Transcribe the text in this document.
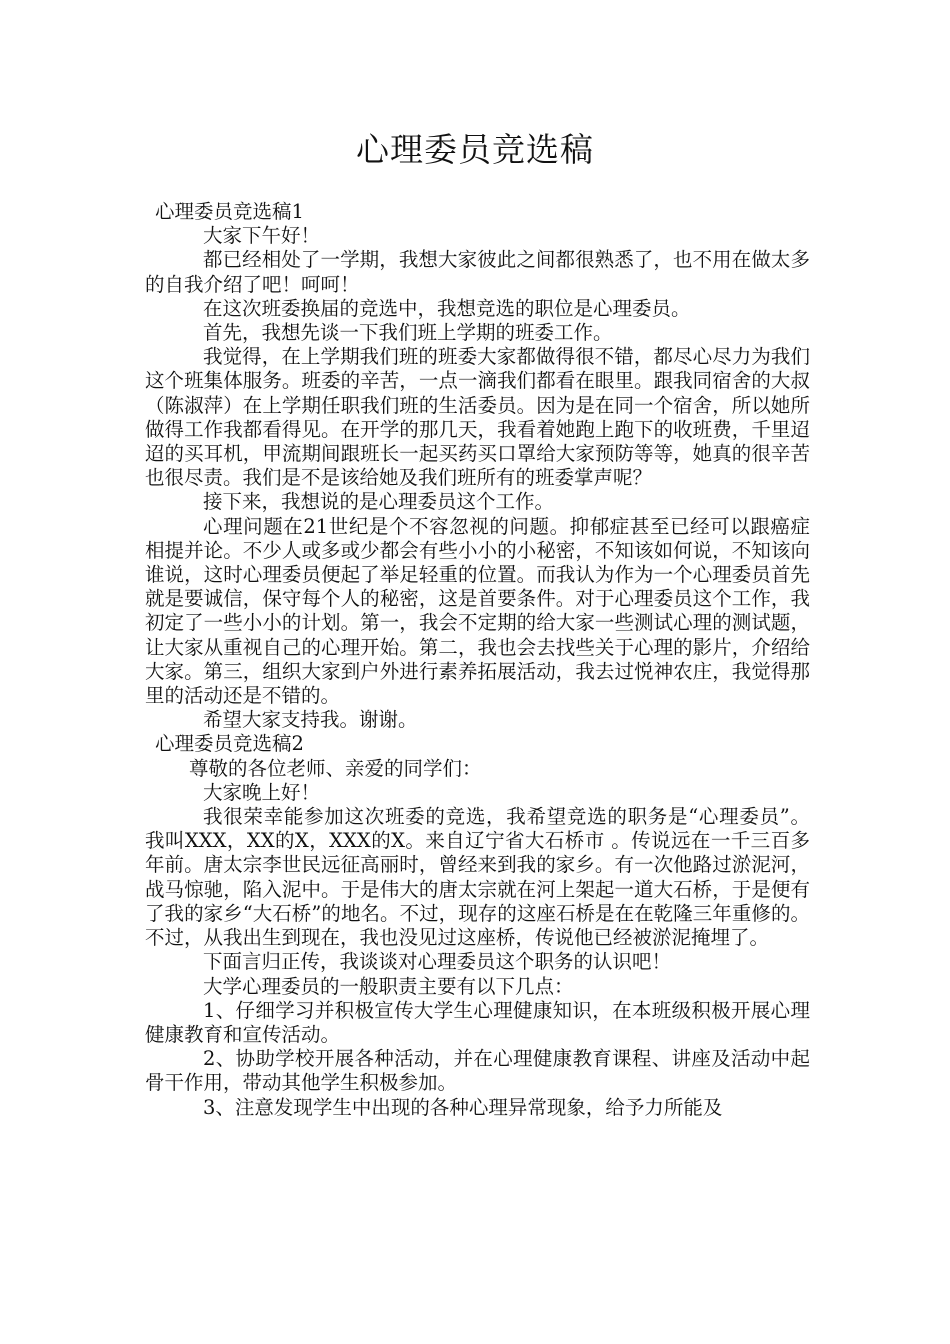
心理委员竞选稿

心理委员竞选稿1

大家下午好！

都已经相处了一学期，我想大家彼此之间都很熟悉了，也不用在做太多的自我介绍了吧！呵呵！

在这次班委换届的竞选中，我想竞选的职位是心理委员。

首先，我想先谈一下我们班上学期的班委工作。

我觉得，在上学期我们班的班委大家都做得很不错，都尽心尽力为我们这个班集体服务。班委的辛苦，一点一滴我们都看在眼里。跟我同宿舍的大叔（陈淑萍）在上学期任职我们班的生活委员。因为是在同一个宿舍，所以她所做得工作我都看得见。在开学的那几天，我看着她跑上跑下的收班费，千里迢迢的买耳机，甲流期间跟班长一起买药买口罩给大家预防等等，她真的很辛苦也很尽责。我们是不是该给她及我们班所有的班委掌声呢？

接下来，我想说的是心理委员这个工作。

心理问题在21世纪是个不容忽视的问题。抑郁症甚至已经可以跟癌症相提并论。不少人或多或少都会有些小小的小秘密，不知该如何说，不知该向谁说，这时心理委员便起了举足轻重的位置。而我认为作为一个心理委员首先就是要诚信，保守每个人的秘密，这是首要条件。对于心理委员这个工作，我初定了一些小小的计划。第一，我会不定期的给大家一些测试心理的测试题，让大家从重视自己的心理开始。第二，我也会去找些关于心理的影片，介绍给大家。第三，组织大家到户外进行素养拓展活动，我去过悦神农庄，我觉得那里的活动还是不错的。

希望大家支持我。谢谢。

心理委员竞选稿2

尊敬的各位老师、亲爱的同学们：

大家晚上好！

我很荣幸能参加这次班委的竞选，我希望竞选的职务是“心理委员”。 我叫XXX，XX的X，XXX的X。来自辽宁省大石桥市 。传说远在一千三百多年前。唐太宗李世民远征高丽时，曾经来到我的家乡。有一次他路过淤泥河，战马惊驰，陷入泥中。于是伟大的唐太宗就在河上架起一道大石桥，于是便有了我的家乡“大石桥”的地名。不过，现存的这座石桥是在在乾隆三年重修的。不过，从我出生到现在，我也没见过这座桥，传说他已经被淤泥掩埋了。

下面言归正传，我谈谈对心理委员这个职务的认识吧！

大学心理委员的一般职责主要有以下几点：

1、仔细学习并积极宣传大学生心理健康知识，在本班级积极开展心理健康教育和宣传活动。

2、协助学校开展各种活动，并在心理健康教育课程、讲座及活动中起骨干作用，带动其他学生积极参加。

3、注意发现学生中出现的各种心理异常现象，给予力所能及
